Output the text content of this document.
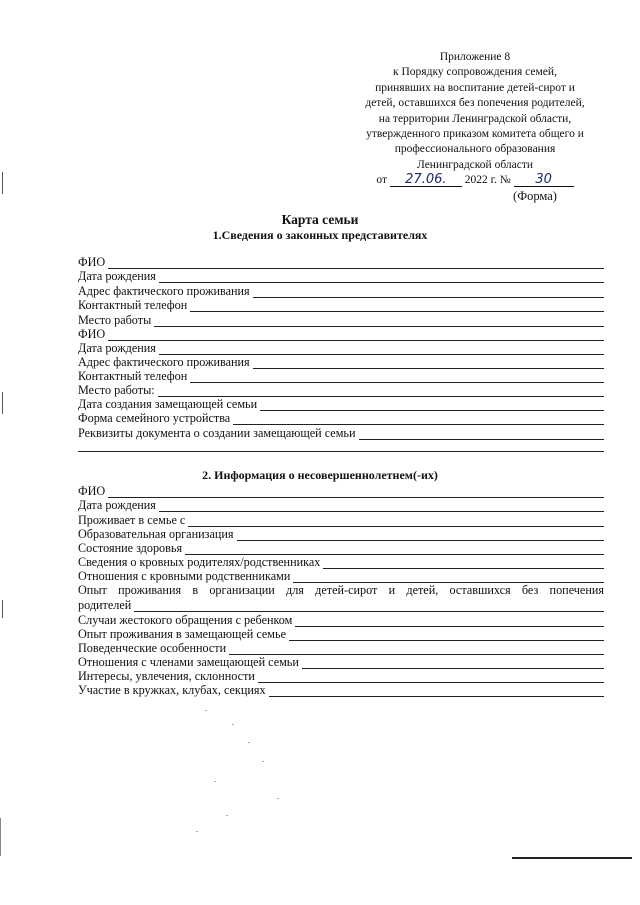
Приложение 8
к Порядку сопровождения семей,
принявших на воспитание детей-сирот и
детей, оставшихся без попечения родителей,
на территории Ленинградской области,
утвержденного приказом комитета общего и
профессионального образования
Ленинградской области
от 27.06. 2022 г. № 30
(Форма)
Карта семьи
1.Сведения о законных представителях
ФИО
Дата рождения
Адрес фактического проживания
Контактный телефон
Место работы
ФИО
Дата рождения
Адрес фактического проживания
Контактный телефон
Место работы:
Дата создания замещающей семьи
Форма семейного устройства
Реквизиты документа о создании замещающей семьи
2. Информация о несовершеннолетнем(-их)
ФИО
Дата рождения
Проживает в семье с
Образовательная организация
Состояние здоровья
Сведения о кровных родителях/родственниках
Отношения с кровными родственниками
Опыт проживания в организации для детей-сирот и детей, оставшихся без попечения
родителей
Случаи жестокого обращения с ребенком
Опыт проживания в замещающей семье
Поведенческие особенности
Отношения с членами замещающей семьи
Интересы, увлечения, склонности
Участие в кружках, клубах, секциях
